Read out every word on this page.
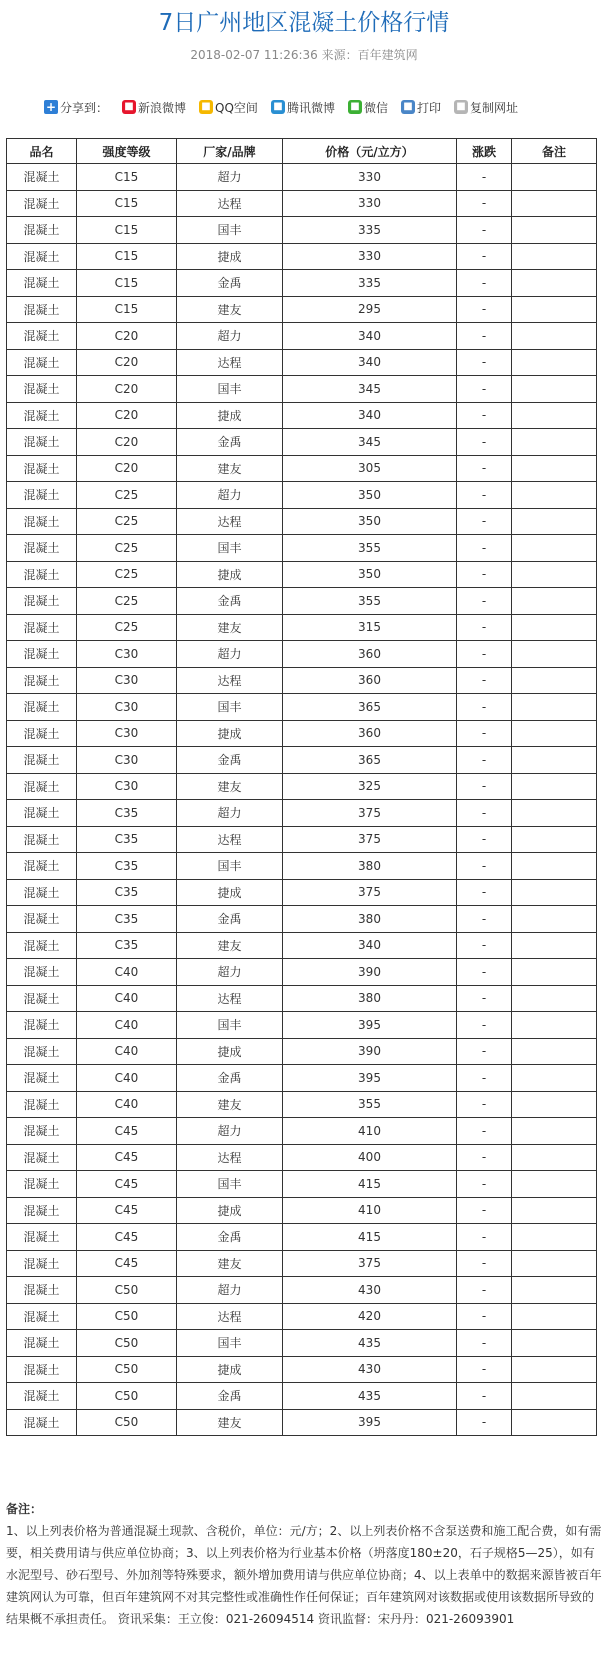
7日广州地区混凝土价格行情
2018-02-07 11:26:36 来源：百年建筑网
+ 分享到： ■ 新浪微博 ■ QQ空间 ■ 腾讯微博 ■ 微信 ■ 打印 ■ 复制网址
品名	强度等级	厂家/品牌	价格（元/立方）	涨跌	备注
混凝土	C15	超力	330	-	
混凝土	C15	达程	330	-	
混凝土	C15	国丰	335	-	
混凝土	C15	捷成	330	-	
混凝土	C15	金禹	335	-	
混凝土	C15	建友	295	-	
混凝土	C20	超力	340	-	
混凝土	C20	达程	340	-	
混凝土	C20	国丰	345	-	
混凝土	C20	捷成	340	-	
混凝土	C20	金禹	345	-	
混凝土	C20	建友	305	-	
混凝土	C25	超力	350	-	
混凝土	C25	达程	350	-	
混凝土	C25	国丰	355	-	
混凝土	C25	捷成	350	-	
混凝土	C25	金禹	355	-	
混凝土	C25	建友	315	-	
混凝土	C30	超力	360	-	
混凝土	C30	达程	360	-	
混凝土	C30	国丰	365	-	
混凝土	C30	捷成	360	-	
混凝土	C30	金禹	365	-	
混凝土	C30	建友	325	-	
混凝土	C35	超力	375	-	
混凝土	C35	达程	375	-	
混凝土	C35	国丰	380	-	
混凝土	C35	捷成	375	-	
混凝土	C35	金禹	380	-	
混凝土	C35	建友	340	-	
混凝土	C40	超力	390	-	
混凝土	C40	达程	380	-	
混凝土	C40	国丰	395	-	
混凝土	C40	捷成	390	-	
混凝土	C40	金禹	395	-	
混凝土	C40	建友	355	-	
混凝土	C45	超力	410	-	
混凝土	C45	达程	400	-	
混凝土	C45	国丰	415	-	
混凝土	C45	捷成	410	-	
混凝土	C45	金禹	415	-	
混凝土	C45	建友	375	-	
混凝土	C50	超力	430	-	
混凝土	C50	达程	420	-	
混凝土	C50	国丰	435	-	
混凝土	C50	捷成	430	-	
混凝土	C50	金禹	435	-	
混凝土	C50	建友	395	-	
备注：

1、以上列表价格为普通混凝土现款、含税价，单位：元/方；2、以上列表价格不含泵送费和施工配合费，如有需要，相关费用请与供应单位协商；3、以上列表价格为行业基本价格（坍落度180±20，石子规格5—25），如有水泥型号、砂石型号、外加剂等特殊要求，额外增加费用请与供应单位协商；4、以上表单中的数据来源皆被百年建筑网认为可靠，但百年建筑网不对其完整性或准确性作任何保证；百年建筑网对该数据或使用该数据所导致的结果概不承担责任。 资讯采集：王立俊：021-26094514 资讯监督：宋丹丹：021-26093901
